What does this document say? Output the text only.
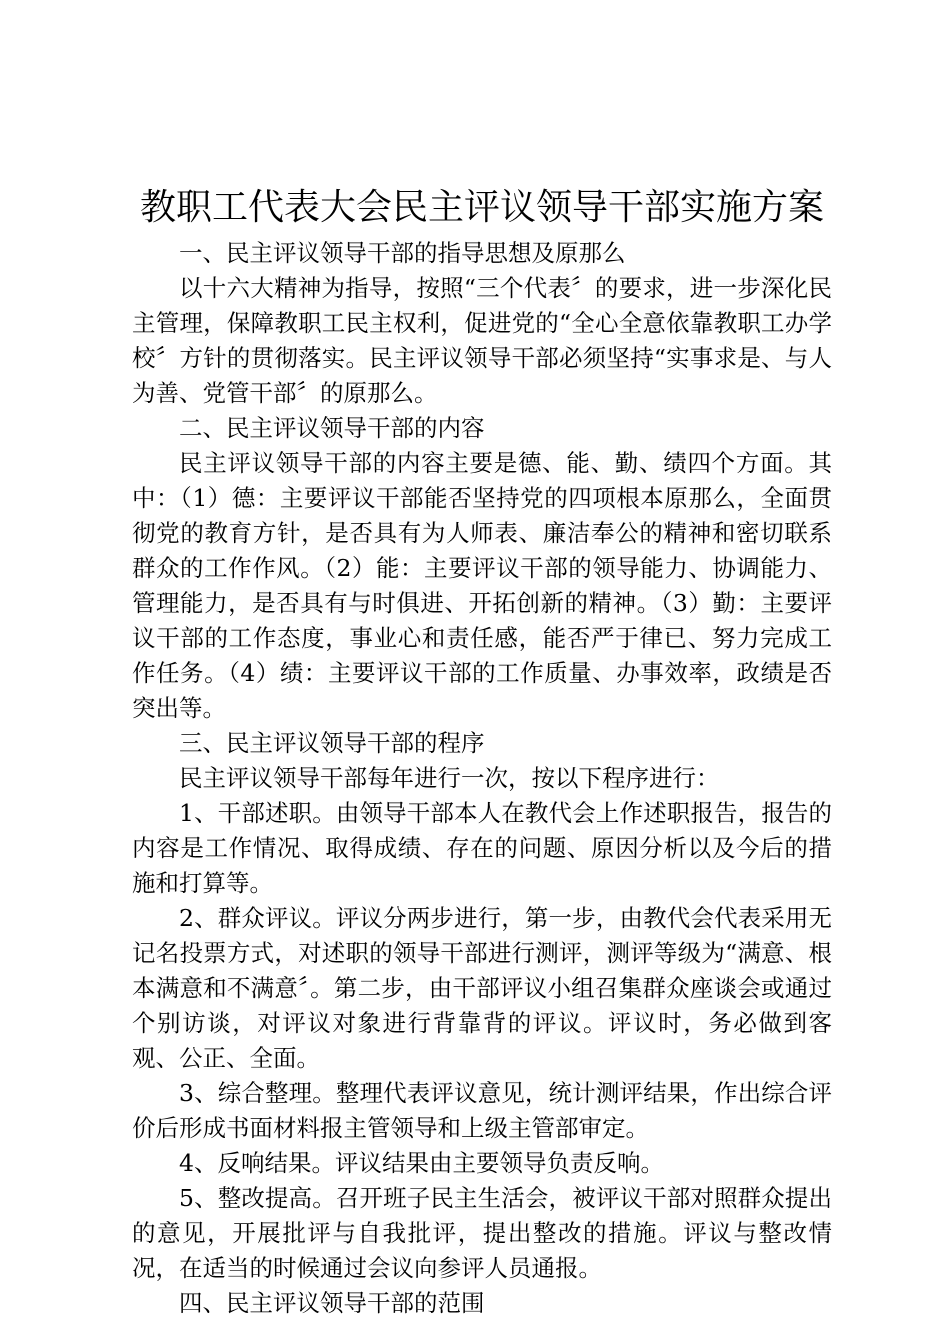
教职工代表大会民主评议领导干部实施方案

一、民主评议领导干部的指导思想及原那么

以十六大精神为指导，按照“三个代表〞的要求，进一步深化民主管理，保障教职工民主权利，促进党的“全心全意依靠教职工办学校〞方针的贯彻落实。民主评议领导干部必须坚持“实事求是、与人为善、党管干部〞的原那么。

二、民主评议领导干部的内容

民主评议领导干部的内容主要是德、能、勤、绩四个方面。其中：（1）德：主要评议干部能否坚持党的四项根本原那么，全面贯彻党的教育方针，是否具有为人师表、廉洁奉公的精神和密切联系群众的工作作风。（2）能：主要评议干部的领导能力、协调能力、管理能力，是否具有与时俱进、开拓创新的精神。（3）勤：主要评议干部的工作态度，事业心和责任感，能否严于律已、努力完成工作任务。（4）绩：主要评议干部的工作质量、办事效率，政绩是否突出等。

三、民主评议领导干部的程序

民主评议领导干部每年进行一次，按以下程序进行：

1、干部述职。由领导干部本人在教代会上作述职报告，报告的内容是工作情况、取得成绩、存在的问题、原因分析以及今后的措施和打算等。

2、群众评议。评议分两步进行，第一步，由教代会代表采用无记名投票方式，对述职的领导干部进行测评，测评等级为“满意、根本满意和不满意〞。第二步，由干部评议小组召集群众座谈会或通过个别访谈，对评议对象进行背靠背的评议。评议时，务必做到客观、公正、全面。

3、综合整理。整理代表评议意见，统计测评结果，作出综合评价后形成书面材料报主管领导和上级主管部审定。

4、反响结果。评议结果由主要领导负责反响。

5、整改提高。召开班子民主生活会，被评议干部对照群众提出的意见，开展批评与自我批评，提出整改的措施。评议与整改情况，在适当的时候通过会议向参评人员通报。

四、民主评议领导干部的范围
